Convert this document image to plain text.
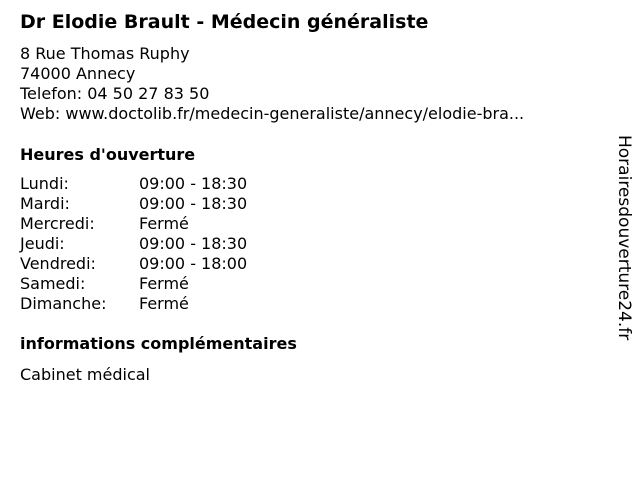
Dr Elodie Brault - Médecin généraliste
8 Rue Thomas Ruphy
74000 Annecy
Telefon: 04 50 27 83 50
Web: www.doctolib.fr/medecin-generaliste/annecy/elodie-bra...
Heures d'ouverture
Lundi:	09:00 - 18:30
Mardi:	09:00 - 18:30
Mercredi:	Fermé
Jeudi:	09:00 - 18:30
Vendredi:	09:00 - 18:00
Samedi:	Fermé
Dimanche:	Fermé
informations complémentaires
Cabinet médical
Horairesdouverture24.fr
